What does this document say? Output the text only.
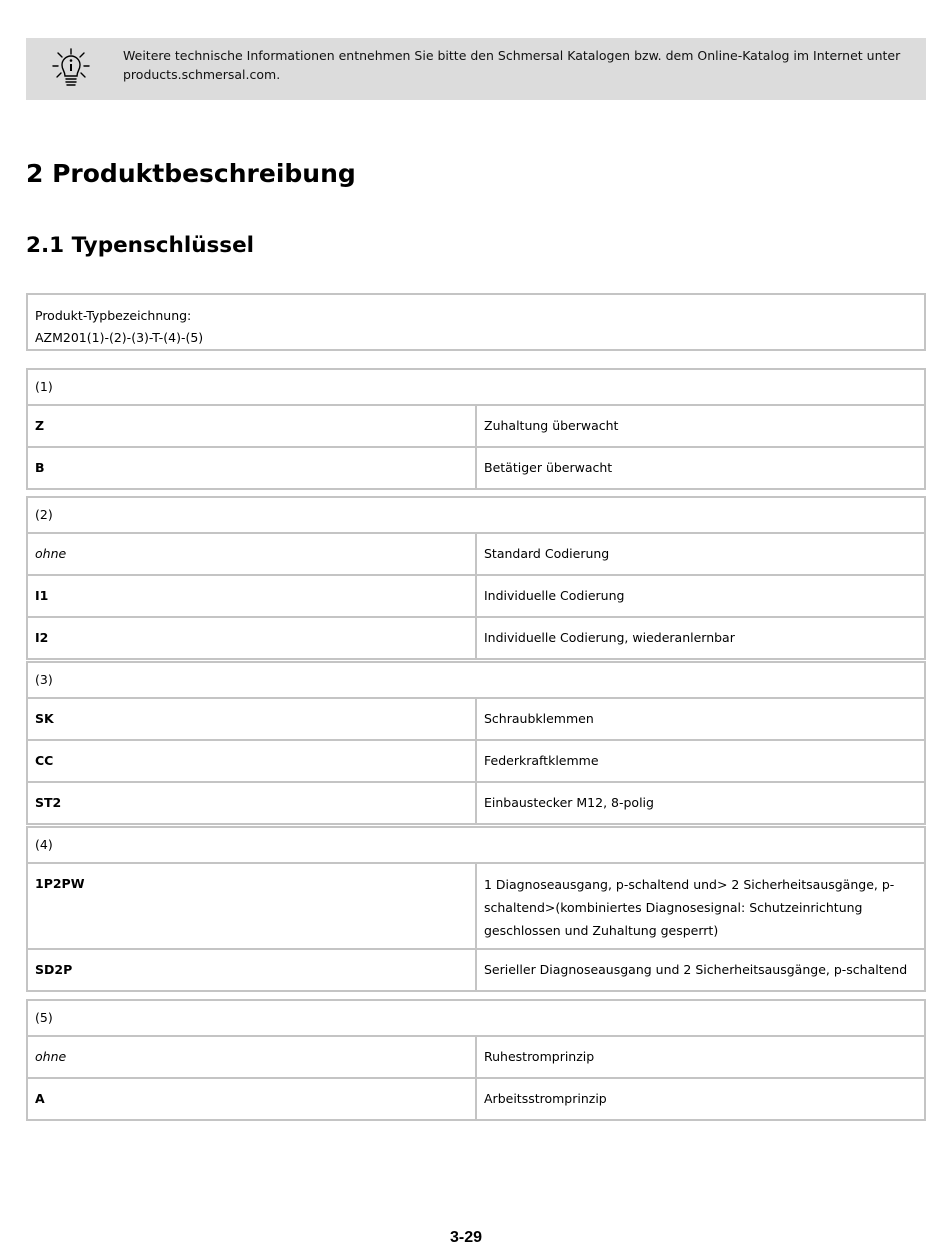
Weitere technische Informationen entnehmen Sie bitte den Schmersal Katalogen bzw. dem Online-Katalog im Internet unter products.schmersal.com.
2 Produktbeschreibung
2.1 Typenschlüssel
Produkt-Typbezeichnung:
AZM201(1)-(2)-(3)-T-(4)-(5)
(1)	
Z	Zuhaltung überwacht
B	Betätiger überwacht
(2)	
ohne	Standard Codierung
I1	Individuelle Codierung
I2	Individuelle Codierung, wiederanlernbar
(3)	
SK	Schraubklemmen
CC	Federkraftklemme
ST2	Einbaustecker M12, 8-polig
(4)	
1P2PW	1 Diagnoseausgang, p-schaltend und> 2 Sicherheitsausgänge, p-schaltend>(kombiniertes Diagnosesignal: Schutzeinrichtung geschlossen und Zuhaltung gesperrt)
SD2P	Serieller Diagnoseausgang und 2 Sicherheitsausgänge, p-schaltend
(5)	
ohne	Ruhestromprinzip
A	Arbeitsstromprinzip
3-29
